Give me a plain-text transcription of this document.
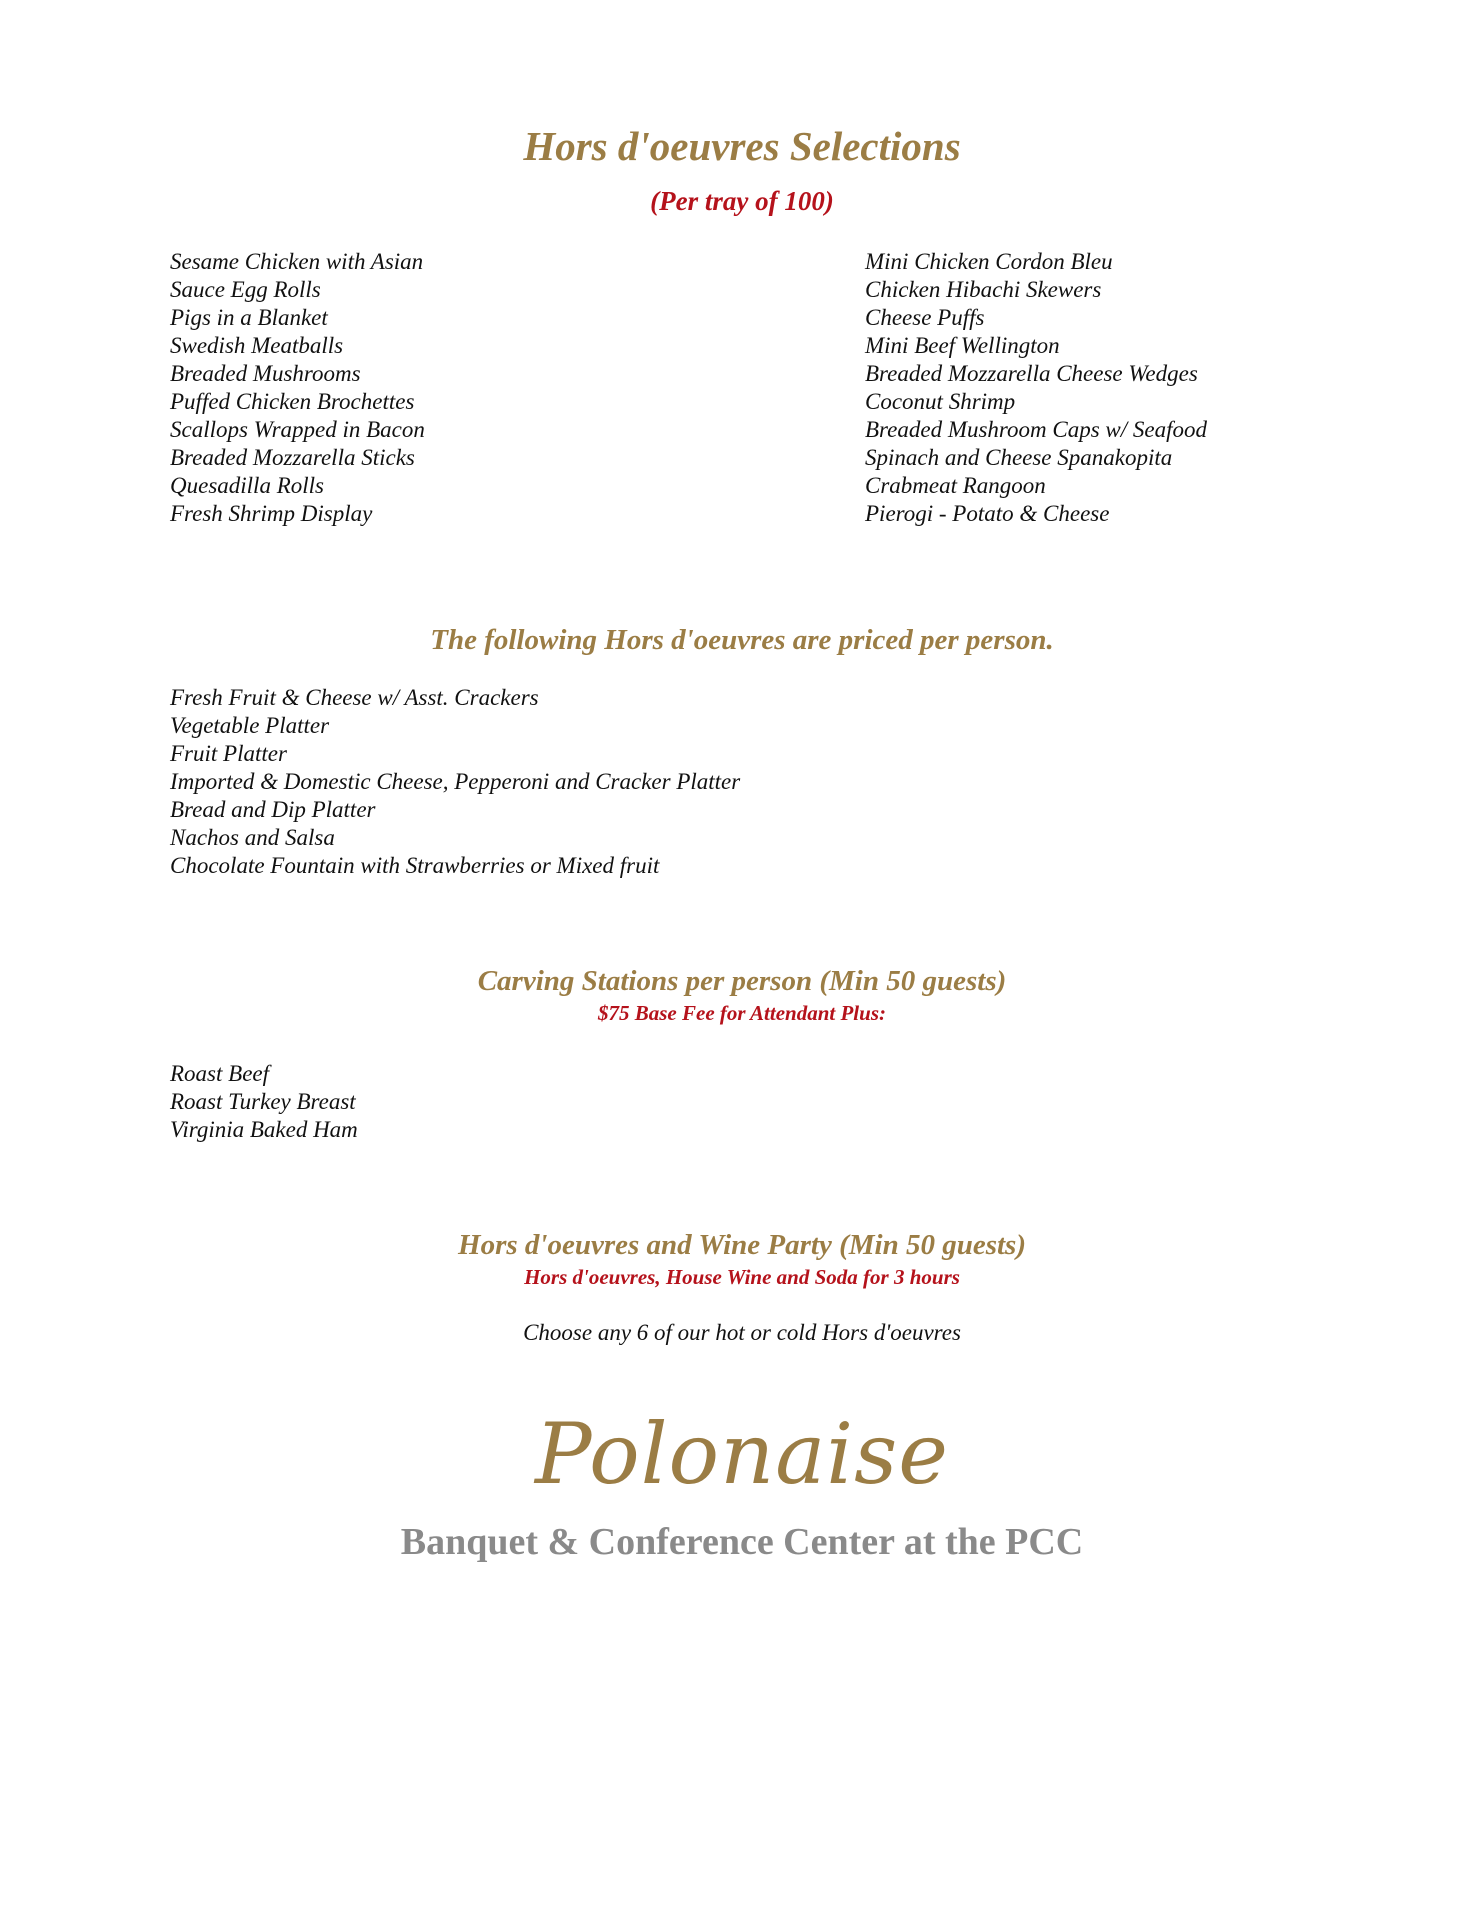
Hors d'oeuvres Selections
(Per tray of 100)
Sesame Chicken with Asian
Sauce Egg Rolls
Pigs in a Blanket
Swedish Meatballs
Breaded Mushrooms
Puffed Chicken Brochettes
Scallops Wrapped in Bacon
Breaded Mozzarella Sticks
Quesadilla Rolls
Fresh Shrimp Display
Mini Chicken Cordon Bleu
Chicken Hibachi Skewers
Cheese Puffs
Mini Beef Wellington
Breaded Mozzarella Cheese Wedges
Coconut Shrimp
Breaded Mushroom Caps w/ Seafood
Spinach and Cheese Spanakopita
Crabmeat Rangoon
Pierogi - Potato & Cheese
The following Hors d'oeuvres are priced per person.
Fresh Fruit & Cheese w/ Asst. Crackers
Vegetable Platter
Fruit Platter
Imported & Domestic Cheese, Pepperoni and Cracker Platter
Bread and Dip Platter
Nachos and Salsa
Chocolate Fountain with Strawberries or Mixed fruit
Carving Stations per person (Min 50 guests)
$75 Base Fee for Attendant Plus:
Roast Beef
Roast Turkey Breast
Virginia Baked Ham
Hors d'oeuvres and Wine Party (Min 50 guests)
Hors d'oeuvres, House Wine and Soda for 3 hours
Choose any 6 of our hot or cold Hors d'oeuvres
Polonaise
Banquet & Conference Center at the PCC
